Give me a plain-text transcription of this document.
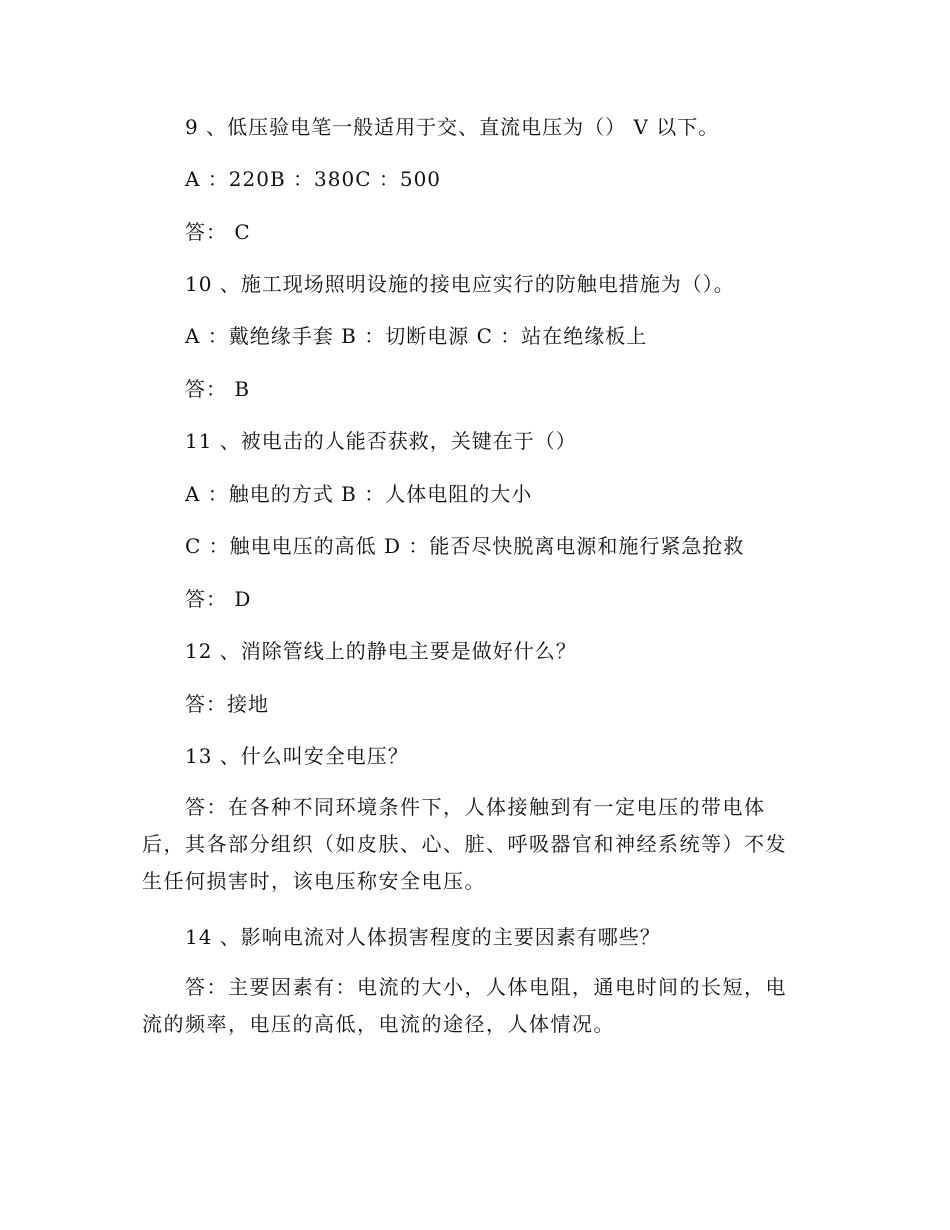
9 、低压验电笔一般适用于交、直流电压为（） V 以下。
A ：220B ：380C ：500
答： C
10 、施工现场照明设施的接电应实行的防触电措施为（）。
A ：戴绝缘手套 B ：切断电源 C ：站在绝缘板上
答： B
11 、被电击的人能否获救，关键在于（）
A ：触电的方式 B ：人体电阻的大小
C ：触电电压的高低 D ：能否尽快脱离电源和施行紧急抢救
答： D
12 、消除管线上的静电主要是做好什么？
答：接地
13 、什么叫安全电压？

答：在各种不同环境条件下，人体接触到有一定电压的带电体后，其各部分组织（如皮肤、心、脏、呼吸器官和神经系统等）不发生任何损害时，该电压称安全电压。

14 、影响电流对人体损害程度的主要因素有哪些？

答：主要因素有：电流的大小，人体电阻，通电时间的长短，电流的频率，电压的高低，电流的途径，人体情况。
